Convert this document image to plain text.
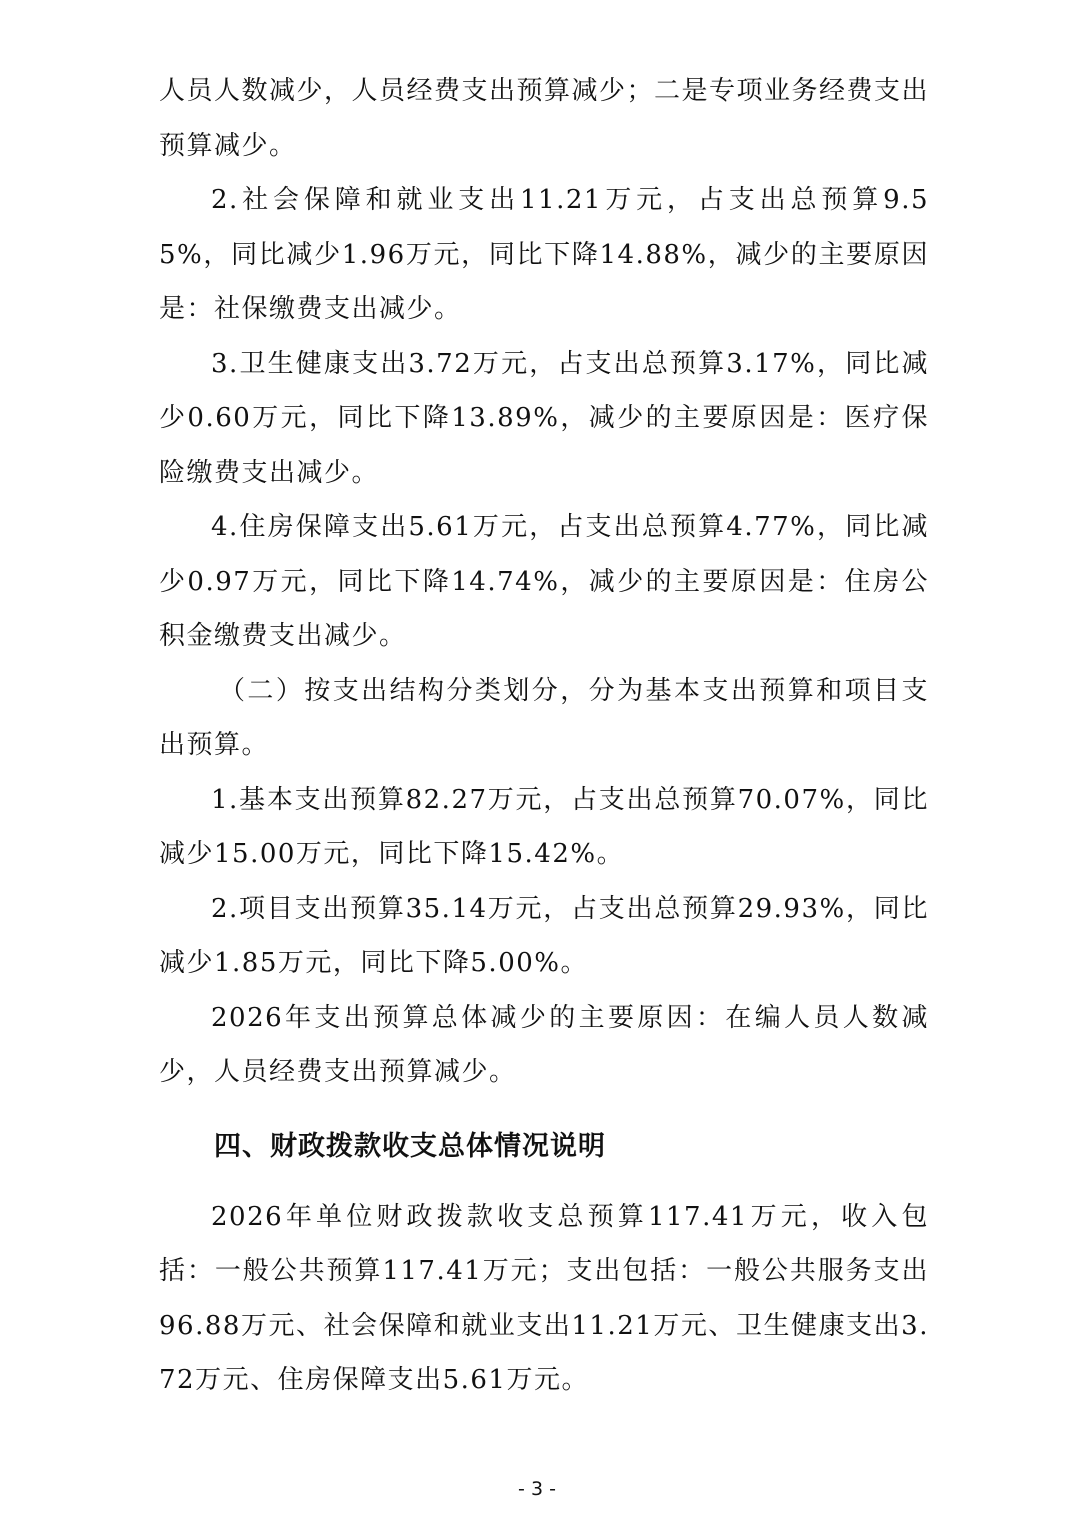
人员人数减少，人员经费支出预算减少；二是专项业务经费支出预算减少。

2.社会保障和就业支出11.21万元，占支出总预算9.55%，同比减少1.96万元，同比下降14.88%，减少的主要原因是：社保缴费支出减少。

3.卫生健康支出3.72万元，占支出总预算3.17%，同比减少0.60万元，同比下降13.89%，减少的主要原因是：医疗保险缴费支出减少。

4.住房保障支出5.61万元，占支出总预算4.77%，同比减少0.97万元，同比下降14.74%，减少的主要原因是：住房公积金缴费支出减少。

（二）按支出结构分类划分，分为基本支出预算和项目支出预算。

1.基本支出预算82.27万元，占支出总预算70.07%，同比减少15.00万元，同比下降15.42%。

2.项目支出预算35.14万元，占支出总预算29.93%，同比减少1.85万元，同比下降5.00%。

2026年支出预算总体减少的主要原因：在编人员人数减少，人员经费支出预算减少。

四、财政拨款收支总体情况说明

2026年单位财政拨款收支总预算117.41万元，收入包括：一般公共预算117.41万元；支出包括：一般公共服务支出96.88万元、社会保障和就业支出11.21万元、卫生健康支出3.72万元、住房保障支出5.61万元。

- 3 -
